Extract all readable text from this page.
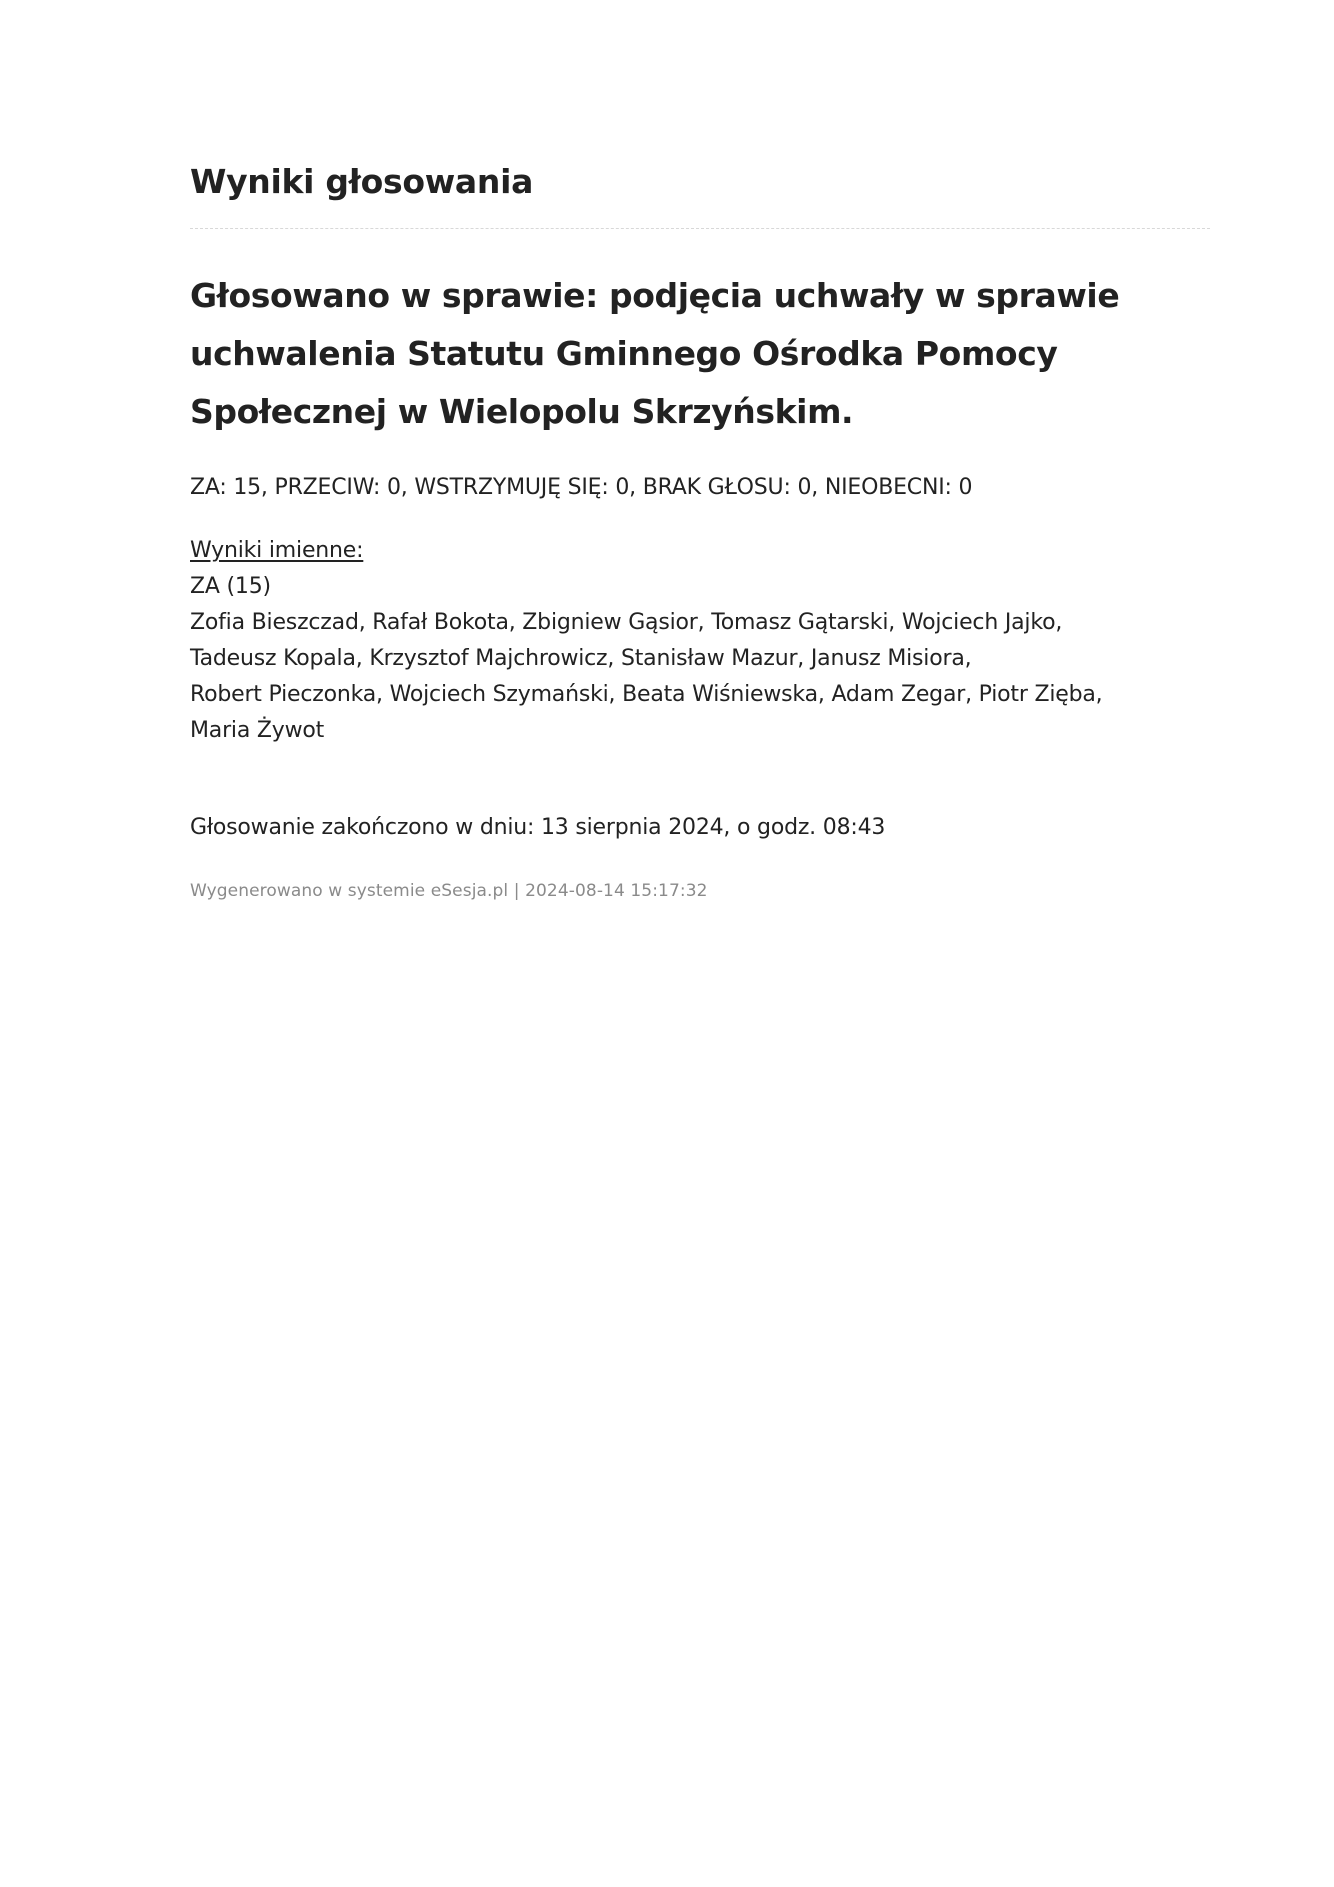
Wyniki głosowania
Głosowano w sprawie: podjęcia uchwały w sprawie
uchwalenia Statutu Gminnego Ośrodka Pomocy
Społecznej w Wielopolu Skrzyńskim.
ZA: 15, PRZECIW: 0, WSTRZYMUJĘ SIĘ: 0, BRAK GŁOSU: 0, NIEOBECNI: 0
Wyniki imienne:
ZA (15)
Zofia Bieszczad, Rafał Bokota, Zbigniew Gąsior, Tomasz Gątarski, Wojciech Jajko,
Tadeusz Kopala, Krzysztof Majchrowicz, Stanisław Mazur, Janusz Misiora,
Robert Pieczonka, Wojciech Szymański, Beata Wiśniewska, Adam Zegar, Piotr Zięba,
Maria Żywot
Głosowanie zakończono w dniu: 13 sierpnia 2024, o godz. 08:43
Wygenerowano w systemie eSesja.pl | 2024-08-14 15:17:32
